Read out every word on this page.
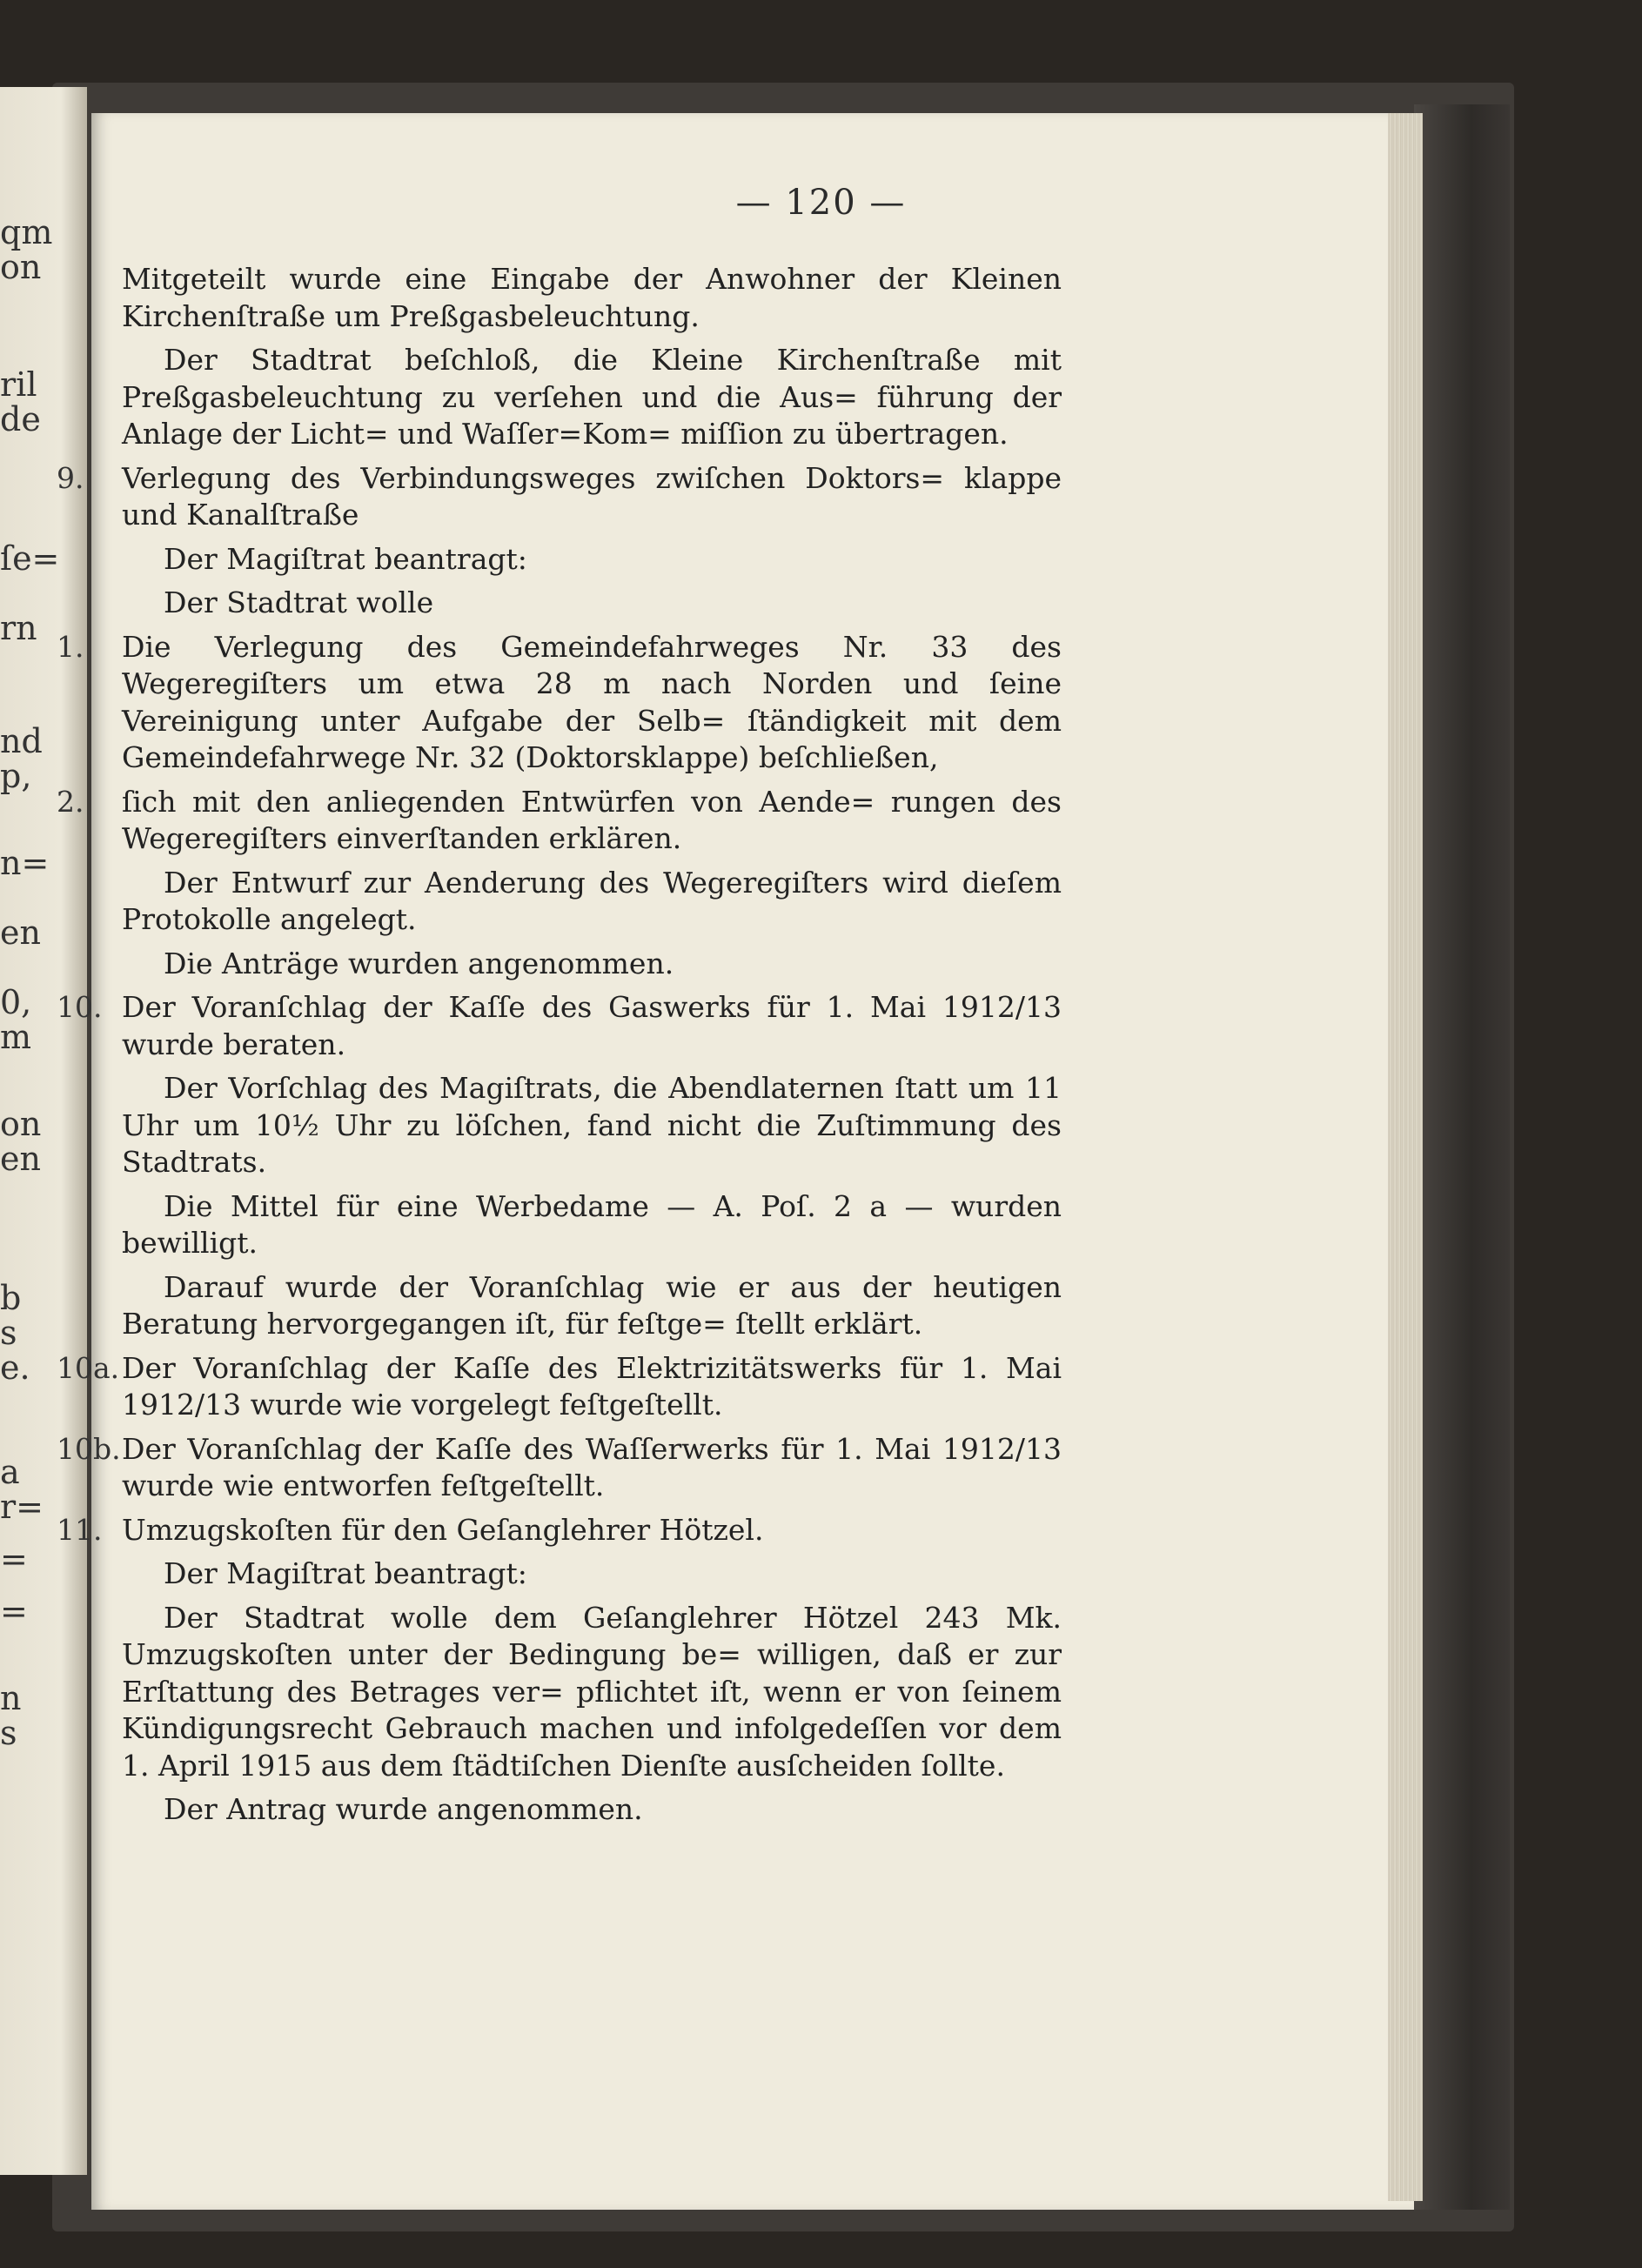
qm
on
ril
de
ſe=
rn
nd
p,
n=
en
0,
m
on
en
b
s
e.
a
r=
=
=
n
s
— 120 —
Mitgeteilt wurde eine Eingabe der Anwohner der Kleinen Kirchenſtraße um Preßgasbeleuchtung.
Der Stadtrat beſchloß, die Kleine Kirchenſtraße mit Preßgasbeleuchtung zu verſehen und die Aus= führung der Anlage der Licht= und Waſſer=Kom= miſſion zu übertragen.
9.	Verlegung des Verbindungsweges zwiſchen Doktors= klappe und Kanalſtraße
Der Magiſtrat beantragt:
Der Stadtrat wolle
1.	Die Verlegung des Gemeindefahrweges Nr. 33 des Wegeregiſters um etwa 28 m nach Norden und ſeine Vereinigung unter Aufgabe der Selb= ſtändigkeit mit dem Gemeindefahrwege Nr. 32 (Doktorsklappe) beſchließen,
2.	ſich mit den anliegenden Entwürfen von Aende= rungen des Wegeregiſters einverſtanden erklären.
Der Entwurf zur Aenderung des Wegeregiſters wird dieſem Protokolle angelegt.
Die Anträge wurden angenommen.
10. Der Voranſchlag der Kaſſe des Gaswerks für 1. Mai 1912/13 wurde beraten.
Der Vorſchlag des Magiſtrats, die Abendlaternen ſtatt um 11 Uhr um 10½ Uhr zu löſchen, fand nicht die Zuſtimmung des Stadtrats.
Die Mittel für eine Werbedame — A. Poſ. 2 a — wurden bewilligt.
Darauf wurde der Voranſchlag wie er aus der heutigen Beratung hervorgegangen iſt, für feſtge= ſtellt erklärt.
10a. Der Voranſchlag der Kaſſe des Elektrizitätswerks für 1. Mai 1912/13 wurde wie vorgelegt feſtgeſtellt.
10b. Der Voranſchlag der Kaſſe des Waſſerwerks für 1. Mai 1912/13 wurde wie entworfen feſtgeſtellt.
11. Umzugskoſten für den Geſanglehrer Hötzel.
Der Magiſtrat beantragt:
Der Stadtrat wolle dem Geſanglehrer Hötzel 243 Mk. Umzugskoſten unter der Bedingung be= willigen, daß er zur Erſtattung des Betrages ver= pflichtet iſt, wenn er von ſeinem Kündigungsrecht Gebrauch machen und infolgedeſſen vor dem 1. April 1915 aus dem ſtädtiſchen Dienſte ausſcheiden ſollte.
Der Antrag wurde angenommen.
